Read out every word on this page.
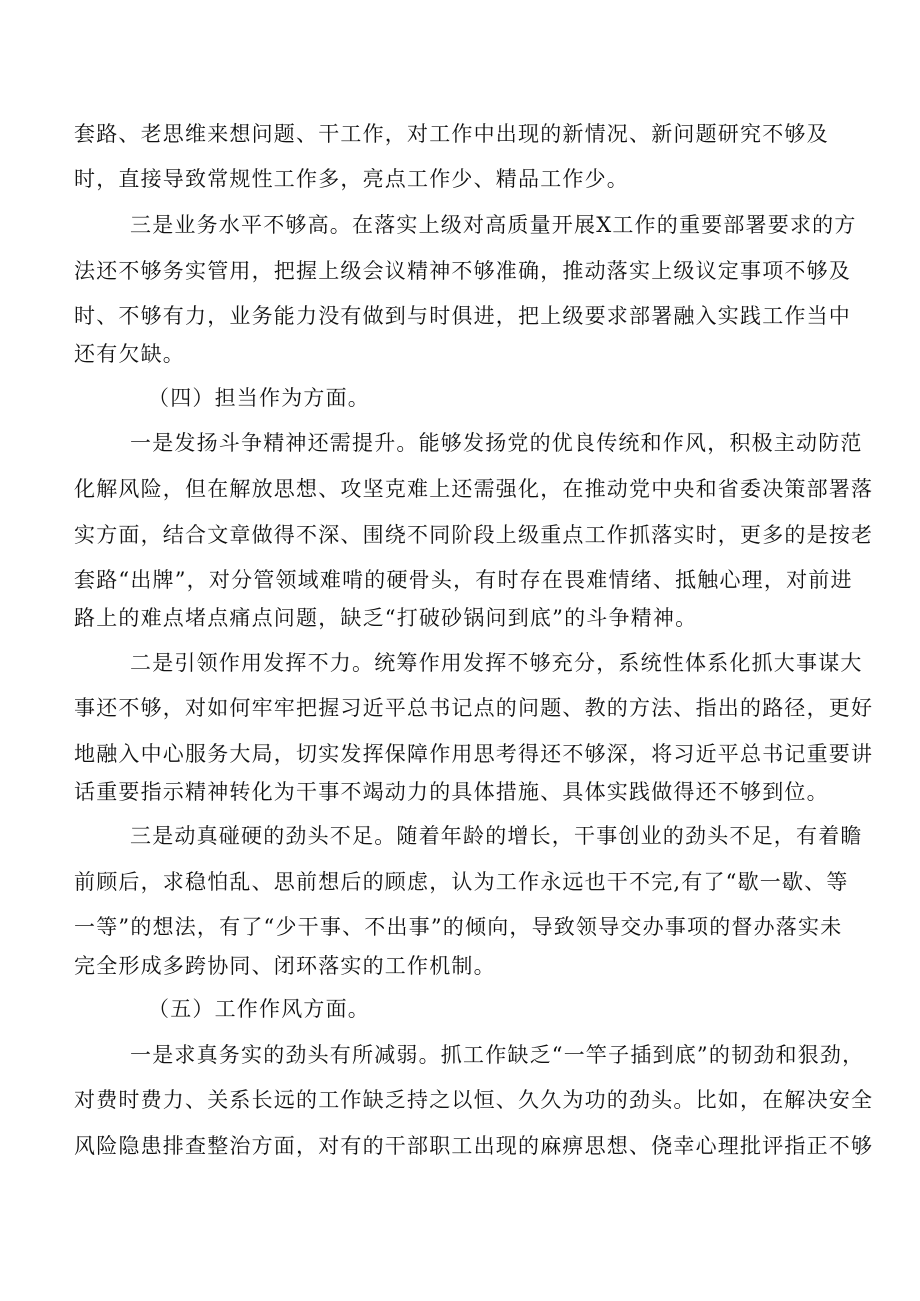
套路、老思维来想问题、干工作，对工作中出现的新情况、新问题研究不够及
时，直接导致常规性工作多，亮点工作少、精品工作少。
三是业务水平不够高。在落实上级对高质量开展X工作的重要部署要求的方
法还不够务实管用，把握上级会议精神不够准确，推动落实上级议定事项不够及
时、不够有力，业务能力没有做到与时俱进，把上级要求部署融入实践工作当中
还有欠缺。
（四）担当作为方面。
一是发扬斗争精神还需提升。能够发扬党的优良传统和作风，积极主动防范
化解风险，但在解放思想、攻坚克难上还需强化，在推动党中央和省委决策部署落
实方面，结合文章做得不深、围绕不同阶段上级重点工作抓落实时，更多的是按老
套路“出牌”，对分管领域难啃的硬骨头，有时存在畏难情绪、抵触心理，对前进
路上的难点堵点痛点问题，缺乏“打破砂锅问到底”的斗争精神。
二是引领作用发挥不力。统筹作用发挥不够充分，系统性体系化抓大事谋大
事还不够，对如何牢牢把握习近平总书记点的问题、教的方法、指出的路径，更好
地融入中心服务大局，切实发挥保障作用思考得还不够深，将习近平总书记重要讲
话重要指示精神转化为干事不竭动力的具体措施、具体实践做得还不够到位。
三是动真碰硬的劲头不足。随着年龄的增长，干事创业的劲头不足，有着瞻
前顾后，求稳怕乱、思前想后的顾虑，认为工作永远也干不完,有了“歇一歇、等
一等”的想法，有了“少干事、不出事”的倾向，导致领导交办事项的督办落实未
完全形成多跨协同、闭环落实的工作机制。
（五）工作作风方面。
一是求真务实的劲头有所减弱。抓工作缺乏“一竿子插到底”的韧劲和狠劲，
对费时费力、关系长远的工作缺乏持之以恒、久久为功的劲头。比如，在解决安全
风险隐患排查整治方面，对有的干部职工出现的麻痹思想、侥幸心理批评指正不够
